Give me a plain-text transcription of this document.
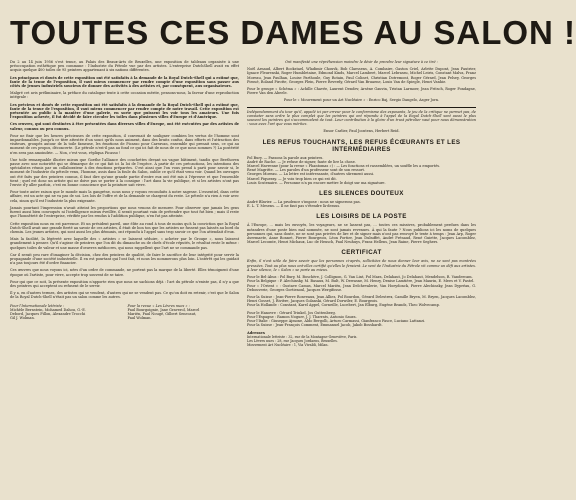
TOUTES CES DAMES AU SALON !

Du 2 au 14 juin 1956 s'est tenue, au Palais des Beaux-Arts de Bruxelles, une exposition de tableaux organisée à une préoccupation esthétique peu commune : l'Industrie du Pétrole vue par des artistes. L'entreprise DutchShell avait en effet acquis quelque 400 toiles de 95 peintres appartenant à six nations différentes.

Les principaux et doués de cette exposition ont été satisfaits à la demande de la Royal Dutch-Shell qui a estimé que, faute de la tenue de l'exposition, il vaut mieux commencer par rendre compte d'une exposition sans passer aux côtés de jeunes industriels soucieux de donner des activités à des artistes et, par conséquent, aux organisateurs.

Malgré cet avis préliminaire, la préface du catalogue tente à cette occasion mérite, pensons-nous, la faveur d'une reproduction intégrale :

Les précieux et doués de cette exposition ont été satisfaits à la demande de la Royal Dutch-Shell qui a estimé que, faute de la tenue de l'exposition, il vaut mieux commencer par rendre compte de notre travail. Cette exposition est présentée au public à la manière d'une galerie, en sorte que puissent les voir tous les amateurs. Une fois l'exposition achevée, il fut décidé de faire circuler les toiles dans plusieurs villes d'Europe et d'Amérique.

Ces œuvres, qui sont destinées à être présentées dans diverses villes d'Europe, ont été exécutées par des artistes de valeur, connus ou peu connus.

Pour ne finir que les heures précieuses de cette exposition, il convenait de souligner combien les vertus de l'homme sont impardonnables. Jusqu'à ce titre attestée d'un souci qu'ils nous animent, dans des bruits confus, dans efforts et l'attraction des visiteurs, groupés autour de la toile fameuse, les émotions de Picasso pour Carravan, ensemble qui prenait sens, ce qui au moment de ces propos, déconcerte. (Le pétrole n'est-il pas au fond ce qui ici fait de nous de ce que nous sommes ?) La postérité n'en sera pas amoindrie. — Non, c'est vous, répliqua Picasso !

Une toile remarquable illustre mieux que Goethe l'alliance des couchettes devant un vague bâtiment, tandis que Beethoven passe avec une notoriété qui se démarque de ce qui fait ici la loi de l'espèce. À partir de ces précautions, les intentions des spécialistes réunis par un collaborateur à des émotions préparées. C'est ainsi que l'on vous prend à parti pour savoir si, le moment de l'industrie du pétrole venu, l'homme, assis dans la foule du Salon, oublie ce qu'il était venu voir. Quand les ouvrages ont été faits par des peintres connus, il faut dire qu'une grande partie d'entre eux ont été mis à l'épreuve et que l'ensemble tient ; quel est donc un artiste qui ne doive pas se porter à la consigne : l'art dans la vie publique, et si les artistes n'ont pas l'envie d'y aller parfois, c'est en bonne conscience que la peinture sait vivre.

Pour toute autre raison que le monde mais la gangrène, nous nous y voyons reconduits à notre sagesse. L'essentiel, dans cette affaire, est un acte qui ne va pas de soi. Les lois de l'offre et de la demande se chargent du reste. Le pétrole n'a rien à voir avec cela, sinon qu'il est l'industrie la plus exigeante.

Jamais pourtant l'impression n'avait atteint les proportions que nous venons de mesurer. Pour observer que jamais les gens furent aussi bien convoqués ni l'intelligence mieux éveillée, il serait pourtant vain de prétendre que tout fut bien ; mais il reste que l'honnêteté de l'entreprise, vérifiée par les rendus à l'addition publique, n'en fut pas atteinte.

Cette exposition nous en est parvenue. Et un président pareil, une élite au rond à tous de moins qu'à la conviction que la Royal Dutch-Shell avait une grande fierté au savoir de ces artistes, il était de bon ton que les artistes ne fussent pas laissés au bord du chemin. Les jeunes artistes, qui sont aussi les plus démunis, ont répondu à l'appel sans trop savoir ce que l'on attendait d'eux.

Mais la facilité, la légèreté avec laquelle des « artistes » se laissent séduire, « acheter par le Groupe », nous laissent grandement à penser. Qu'il s'agisse de peintres que l'on dit du dimanche ou de chefs d'école réputés, le résultat reste le même : quelques toiles de valeur et une masse d'œuvres médiocres, qui nous rappellent que l'art ne se commande pas.

Car il serait peu rare d'imaginer la décision, chez des peintres de qualité, de faire le sacrifice de leur intégrité pour servir la propagande d'une société industrielle. Il en est pourtant qui l'ont fait, et nous les nommerons plus loin. L'intérêt qui les guidait n'a pas toujours été d'ordre financier.

Ces œuvres que nous voyons ici, nées d'un ordre de commande, ne portent pas la marque de la liberté. Elles témoignent d'une époque où l'artiste, pour vivre, accepte trop souvent de se taire.

Pour qui que ce soit, la présente exposition n'apporte rien que nous ne sachions déjà : l'art du pétrole n'existe pas, il n'y a que des peintres qui acceptent ou refusent de le servir.

Il y a, en d'autres termes, des artistes qui se vendent, d'autres qui ne se vendent pas. Ce qu'on doit en retenir, c'est que le Salon de la Royal Dutch-Shell n'était pas un salon comme les autres.

Pour l'Internationale lettriste :	Pour la revue « Les Lèvres nues » :
Michèle Bernstein, Mohamed Dahou, G.-E.	Paul Bourgoignie, Jane Graverol, Marcel
Debord, Jacques Fillon, Alexandre Trocchi	Mariën, Paul Nougé, Gilbert Senecaut,
Gil J. Wolman.	Paul Wolman.

Ont manifesté une répréhension moindre le désir de prendre leur signature à ce tiré :

Noël Arnaud, Albert Bockstael, Wladimir Chouvk, Bob Claessens, A. Combaire, Gaston Criel, Arlette Dupont, Jean Fautrier, Ignace Fleurenski, Roger Humbletaine, Edmond Kinds, Marcel Lambeet, Marcel Lebrassu, Michel Leiris, Constant Malva, Franz Moreau, Jean Paulhan, Louise Parthoule, Guy Rotain, Paul Colinet, Christian Dotremont, Roger Gérard, Jean Pelsey, Georges Piroué, Roland Pirotte, Georges Plein, Pierre Reverdy, Gérard Van Bruaene, Louis Van de Spiegle, Henri Vanhie.

Pour le groupe « Schéma » : Achille Chavée, Laurent Dendev, Arsène Gauvin, Tristan Larmoer, Jean Fritsch, Roger Fondagne, Pierre Van den Abeele.

Pour le « Mouvement pour un Art Nucléaire » : Enrico Baj, Sergio Dangelo, Asger Jorn.

Indépendamment du tour qu'il, appelé ici par erreur pour le conformisme des exposants, le jeu de la critique ne permet pas, de constater sans ordre le plus complet que les peintres qui ont répondu à l'appel de la Royal Dutch-Shell sont aussi le plus souvent les peintres qui s'accommodent de tout. Leur contribution à la gloire d'un trust pétrolier vaut pour nous démonstration : vous avez l'art que vous méritez.

Ensor Carlier, Paul Joostens, Herbert Reid.

LES REFUS TOUCHANTS, LES REFUS ÉCŒURANTS ET LES INTERMÉDIAIRES

Pol Bury. — Passons la parole aux peintres.
André de Rache. — Je refuse de signer, faute de lire la chose.
Marcel Havrenne (pour la revue « Phantomas ») : — Les fonctions et rassemblées, un souffle les a emportés.
René Magritte. — Les paroles d'un professeur sont de son ressort.
Georges Moreau. — La lettre est intéressante, d'autres sûrement aussi.
Marcel Piqueray. — Je vois trop bien ce qui est dit.
Louis Scutenaire. — Personne n'a pu encore mettre le doigt sur ma signature.

LES SILENCES DOUTEUX

André Blavier. — La prudence s'impose : nous ne signerons pas.
E. L. T. Mesens. — Il ne faut pas s'étendre là-dessus.

LES LOISIRS DE LA POSTE

À l'Europe, ... mais les envoyés, les voyageurs, ne se lassent pas, ... toutes ces missives, probablement perdues dans les méandres d'une poste bien mal nommée, ne sont jamais revenues. À qui la faute ? Nous publions ici les noms de quelques personnes qui, sans doute, ne se sont pas privées de lire et de signer mais n'ont pas renvoyé le texte à temps : Jean Arp, Roger Avermaete, Anne Bonnet, Pierre Bourgeois, Léon Fortier, Jean Dubuffet, André Frénaud, René Guiette, Jacques Lacomblez, Marcel Lecomte, Henri Michaux, Luc de Heusch, Paul Neuhuys, Franz Hellens, Jean Raine, Pierre Seghers.

CERTIFICAT

Enfin, il n'est utile de faire savoir que les personnes ci-après, sollicitées de nous donner leur avis, ne se sont pas montrées pressées. Tout au plus nous ont-elles certifié qu'elles le feraient. Le vent de l'Industrie du Pétrole vit comme un défi aux artistes. À leur silence, le « Salon » se porte au mieux.

Pour le Bel-Abus : Pol Bury, M. Boschère, J. Collignon, G. Van Lint, Pol Mara, Delahaut, Jo Delahaut, Mendelson, R. Vandercam.
Pour la Belgique : P. Alechinsky, M. Basaux, M. Bult, W. Dewasne, M. Henry, Denise Lamtière, Jean Maurin, E. Mees et V. Pastel.
Pour « l'Orient » : Gustave Camus, Marcel Mariën, Jean Delchevalerie, Van Hoeydonck, Pierre Alechinsky, Jean Dypréau, G. Debouverie, Georges Gortienoul, Jacques Wergifosse.

Pour la Suisse : Jean-Pierre Ronveaux, Jean Alliez, Pol Bourdon, Gérard Delestrex, Camille Bryen, M. Bryen, Jacques Lacomblez, Henri Gosset, J. Rivière, Jacques Golanski, Gérard Dorwiler, E. Bourgeois.
Pour la Hollande : Constant, Karel Appel, Corneille, Lucebert, Jan Elburg, Eugène Brands, Theo Wolvecamp.

Pour le Hanovre : Gérard Trinkel, Jos Guttenberg.
Pour l'Espagne : Ramon Noguer, J. J. Tharrats, Antonio Saura.
Pour l'Italie : Giuseppe Ajmone, Aldo Bergolli, Arturo Carmassi, Gianfranco Fasce, Luciano Lattanzi.
Pour la Suisse : Jean-François Comment, Emmanuel Jacob, Jakob Bosshardt.

Adresses
Internationale lettriste : 32, rue de la Montagne-Geneviève, Paris.
Les Lèvres nues : 28, rue Jacques Jordaens, Bruxelles.
Mouvement Art Nucléaire : 1, Via Vivaldi, Milan.
